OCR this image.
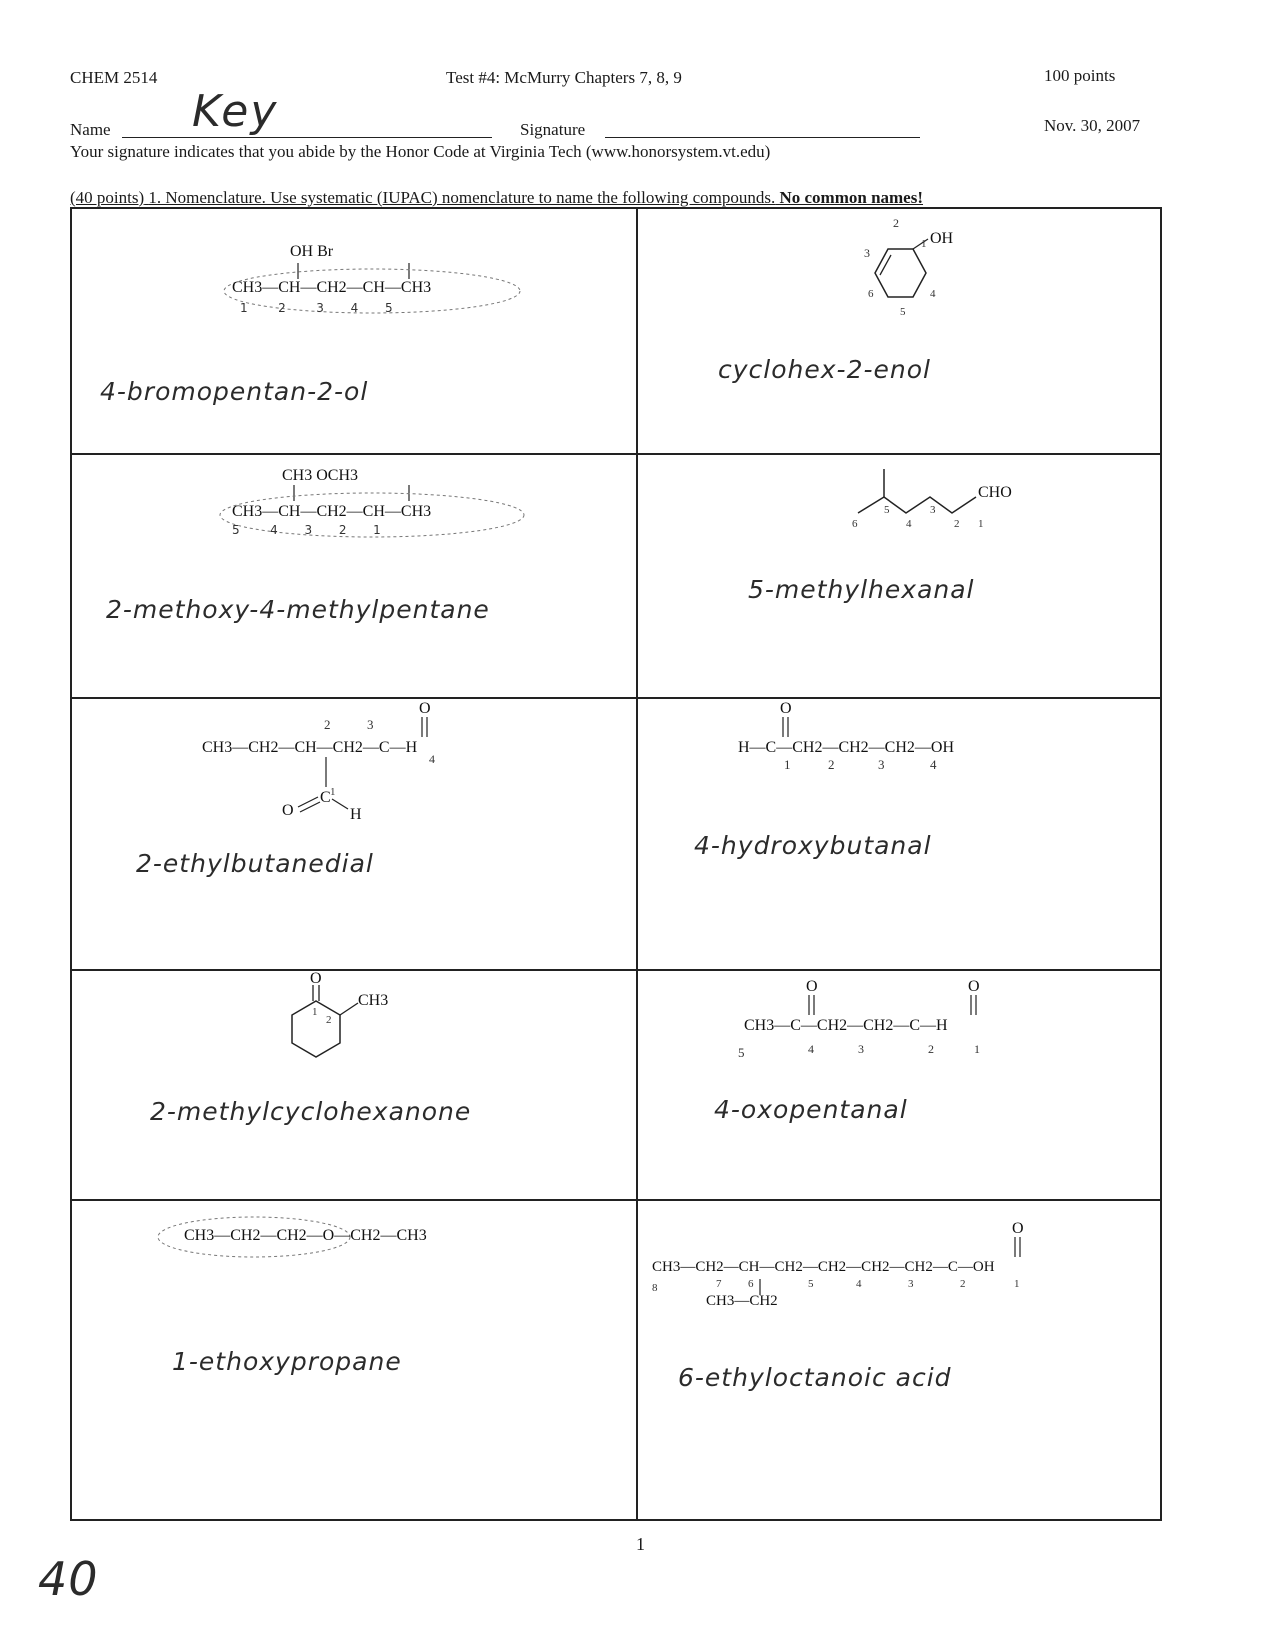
CHEM 2514	Test #4: McMurry Chapters 7, 8, 9	100 points
Name Key	Signature	Nov. 30, 2007
Your signature indicates that you abide by the Honor Code at Virginia Tech (www.honorsystem.vt.edu)
(40 points) 1. Nomenclature. Use systematic (IUPAC) nomenclature to name the following compounds. No common names!
OH Br
CH3—CH—CH2—CH—CH3
1        2        3       4       5
4-bromopentan-2-ol
2
3
1 OH
6
5
4
cyclohex-2-enol
CH3 OCH3
CH3—CH—CH2—CH—CH3
5        4       3       2       1
2-methoxy-4-methylpentane
CHO
6
5
4
3
2 1
5-methylhexanal
O
2	3
4
C 1
O	H
CH3—CH2—CH—CH2—C—H
2-ethylbutanedial
O
1	2	3	4
H—C—CH2—CH2—CH2—OH
4-hydroxybutanal
O
CH3
1
2
2-methylcyclohexanone
O	O
5	4	3	2	1
CH3—C—CH2—CH2—C—H
4-oxopentanal
CH3—CH2—CH2—O—CH2—CH3
1-ethoxypropane
O
8	7 6	5	4	3	2	1
CH3—CH2—CH—CH2—CH2—CH2—CH2—C—OH
CH3—CH2
6-ethyloctanoic acid
1
40
